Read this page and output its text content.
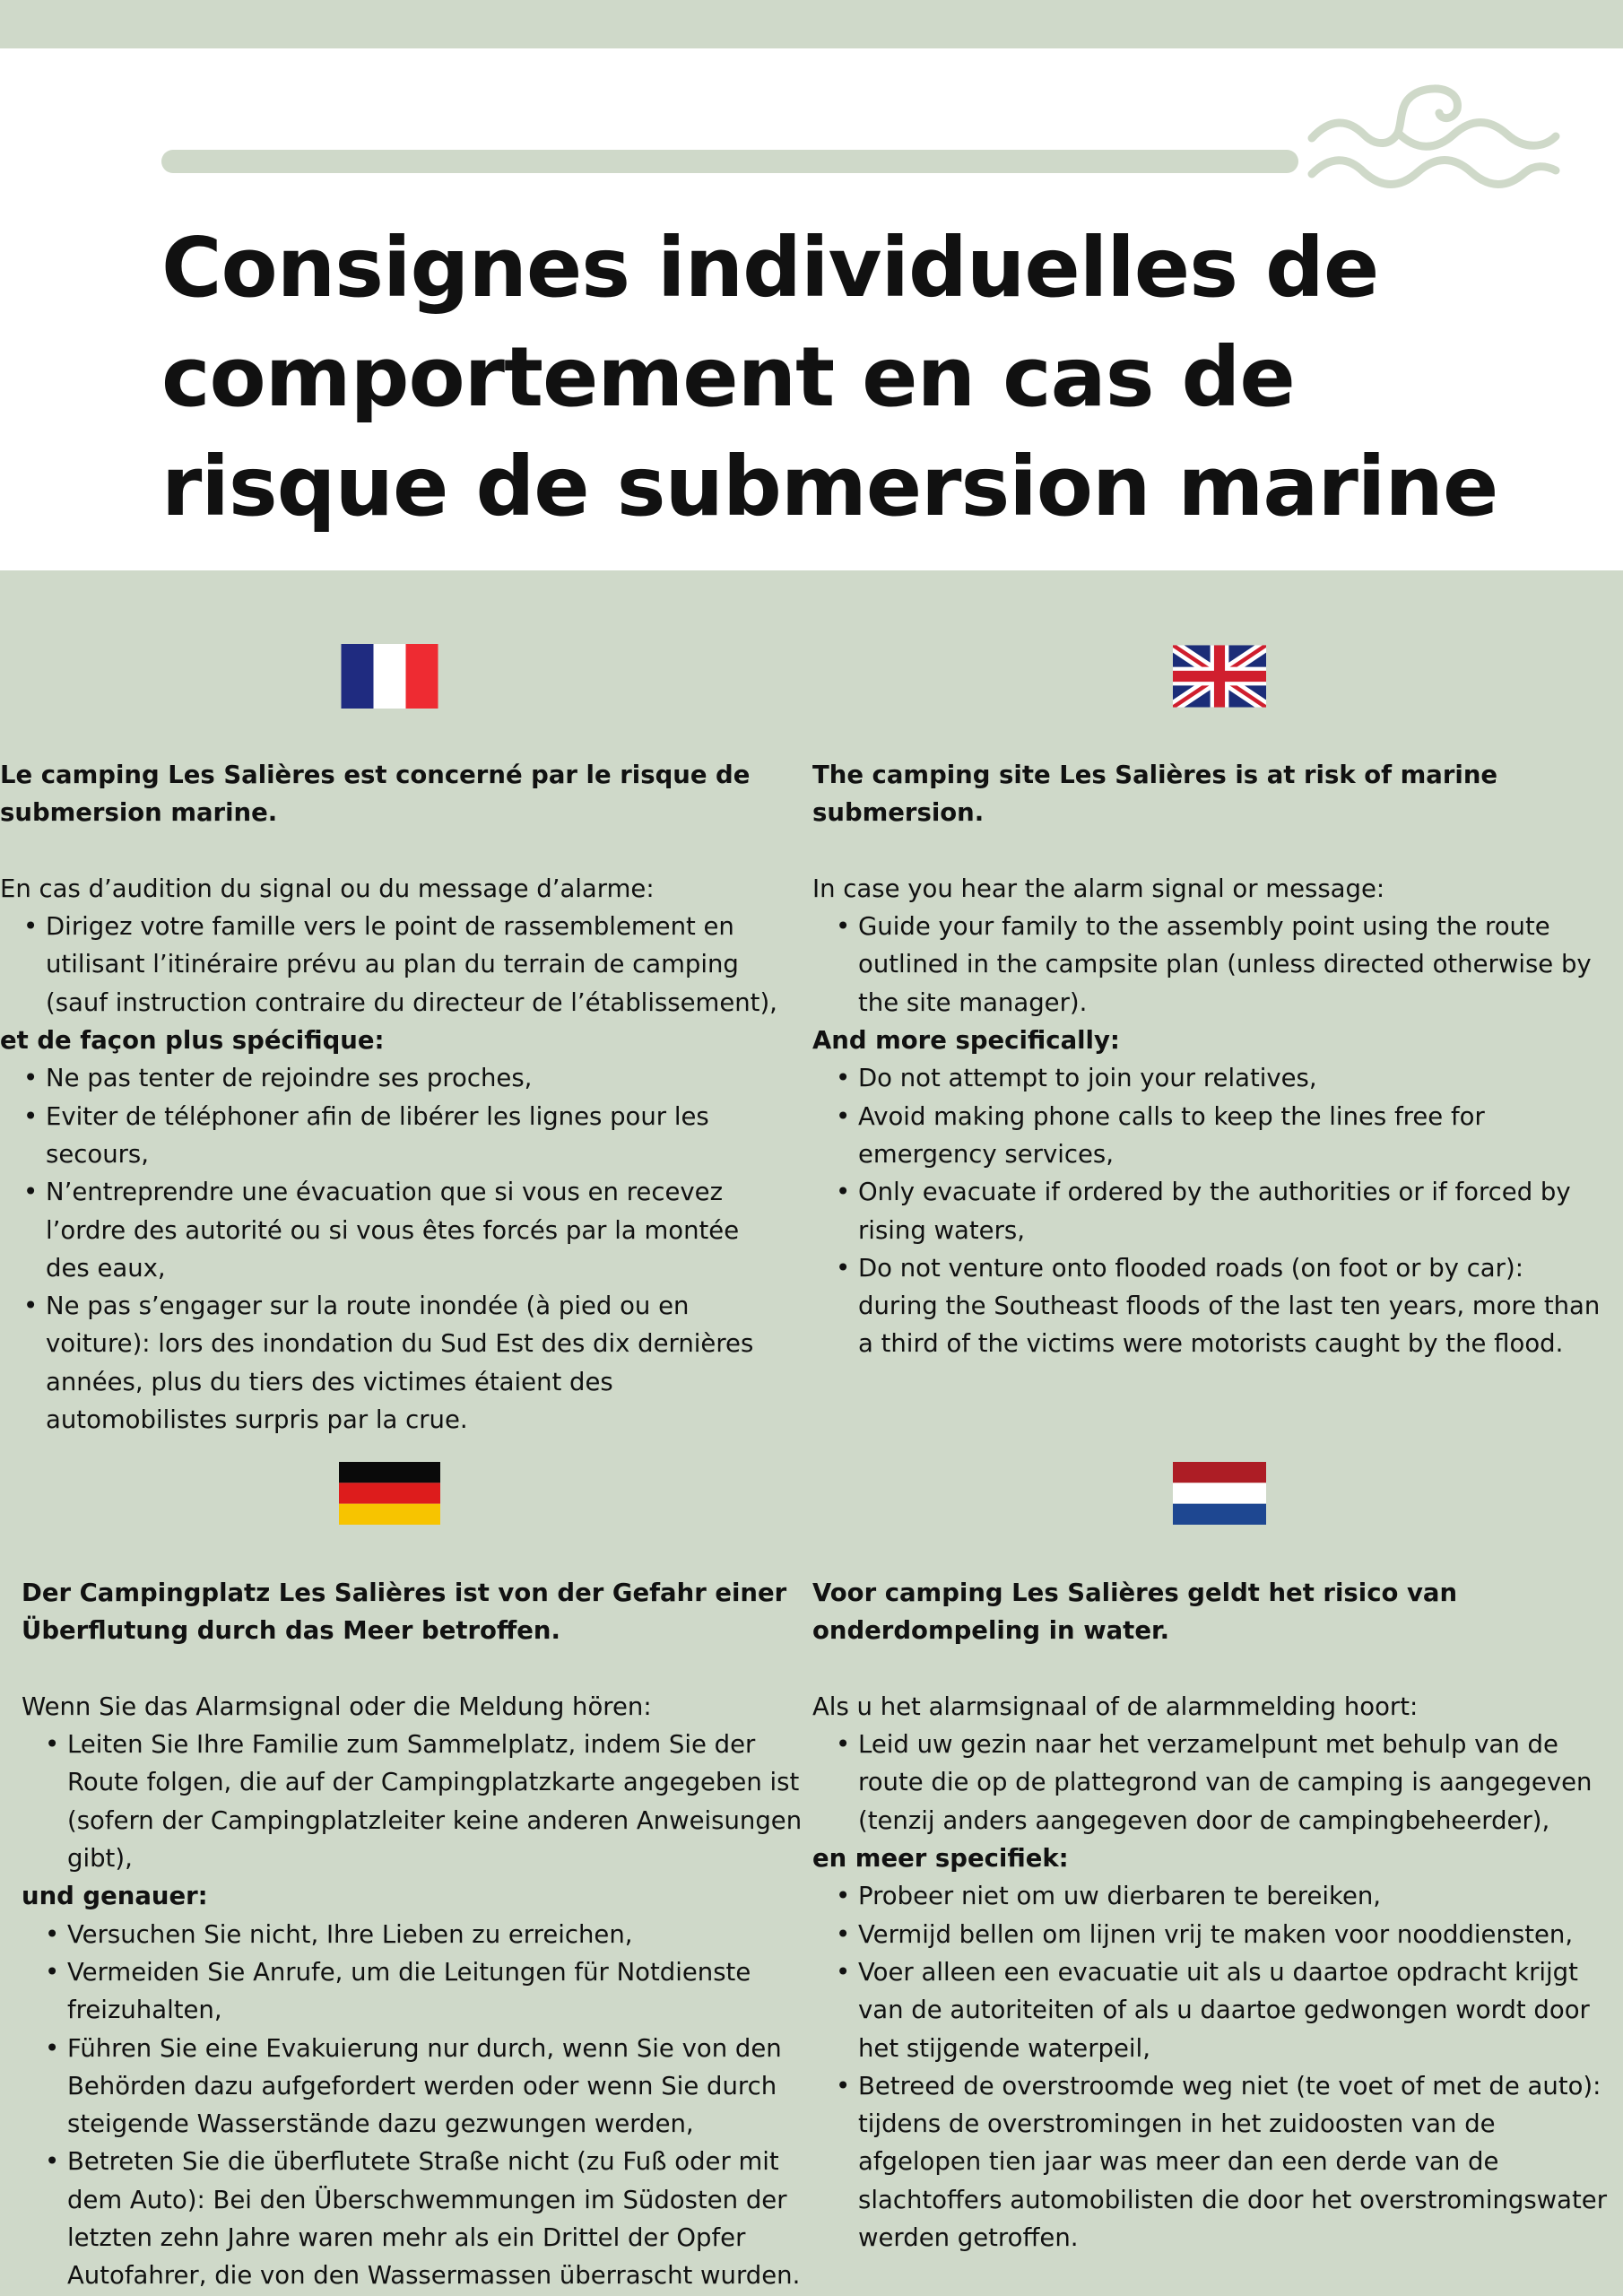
Consignes individuelles de comportement en cas de risque de submersion marine

Le camping Les Salières est concerné par le risque de submersion marine.

En cas d’audition du signal ou du message d’alarme:

• Dirigez votre famille vers le point de rassemblement en utilisant l’itinéraire prévu au plan du terrain de camping (sauf instruction contraire du directeur de l’établissement),

et de façon plus spécifique:

• Ne pas tenter de rejoindre ses proches,
• Eviter de téléphoner afin de libérer les lignes pour les secours,
• N’entreprendre une évacuation que si vous en recevez l’ordre des autorité ou si vous êtes forcés par la montée des eaux,
• Ne pas s’engager sur la route inondée (à pied ou en voiture): lors des inondation du Sud Est des dix dernières années, plus du tiers des victimes étaient des automobilistes surpris par la crue.

The camping site Les Salières is at risk of marine submersion.

In case you hear the alarm signal or message:

• Guide your family to the assembly point using the route outlined in the campsite plan (unless directed otherwise by the site manager).

And more specifically:

• Do not attempt to join your relatives,
• Avoid making phone calls to keep the lines free for emergency services,
• Only evacuate if ordered by the authorities or if forced by rising waters,
• Do not venture onto flooded roads (on foot or by car): during the Southeast floods of the last ten years, more than a third of the victims were motorists caught by the flood.

Der Campingplatz Les Salières ist von der Gefahr einer Überflutung durch das Meer betroffen.

Wenn Sie das Alarmsignal oder die Meldung hören:

• Leiten Sie Ihre Familie zum Sammelplatz, indem Sie der Route folgen, die auf der Campingplatzkarte angegeben ist (sofern der Campingplatzleiter keine anderen Anweisungen gibt),

und genauer:

• Versuchen Sie nicht, Ihre Lieben zu erreichen,
• Vermeiden Sie Anrufe, um die Leitungen für Notdienste freizuhalten,
• Führen Sie eine Evakuierung nur durch, wenn Sie von den Behörden dazu aufgefordert werden oder wenn Sie durch steigende Wasserstände dazu gezwungen werden,
• Betreten Sie die überflutete Straße nicht (zu Fuß oder mit dem Auto): Bei den Überschwemmungen im Südosten der letzten zehn Jahre waren mehr als ein Drittel der Opfer Autofahrer, die von den Wassermassen überrascht wurden.

Voor camping Les Salières geldt het risico van onderdompeling in water.

Als u het alarmsignaal of de alarmmelding hoort:

• Leid uw gezin naar het verzamelpunt met behulp van de route die op de plattegrond van de camping is aangegeven (tenzij anders aangegeven door de campingbeheerder),

en meer specifiek:

• Probeer niet om uw dierbaren te bereiken,
• Vermijd bellen om lijnen vrij te maken voor nooddiensten,
• Voer alleen een evacuatie uit als u daartoe opdracht krijgt van de autoriteiten of als u daartoe gedwongen wordt door het stijgende waterpeil,
• Betreed de overstroomde weg niet (te voet of met de auto): tijdens de overstromingen in het zuidoosten van de afgelopen tien jaar was meer dan een derde van de slachtoffers automobilisten die door het overstromingswater werden getroffen.
